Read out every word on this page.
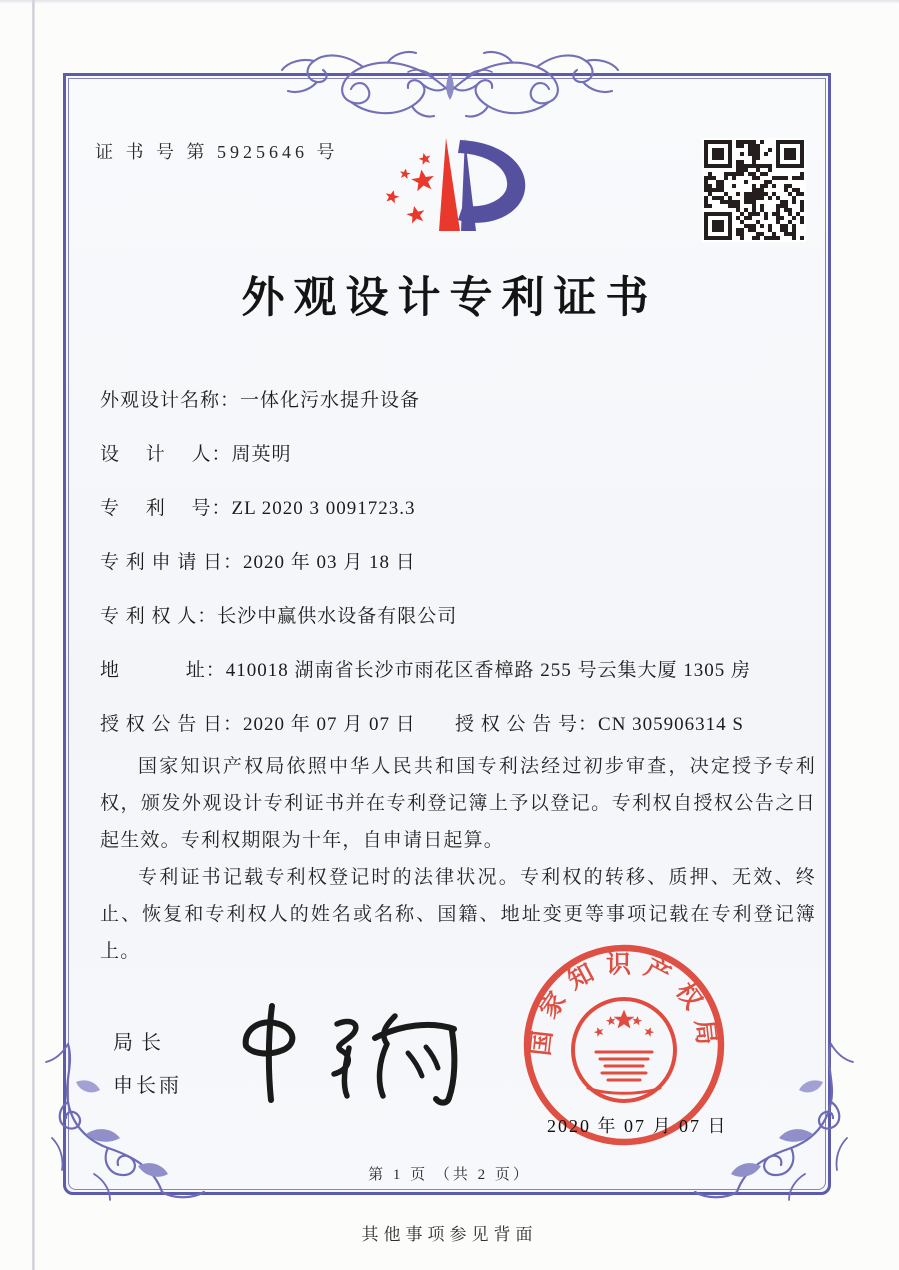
证 书 号 第 5925646 号
外观设计专利证书
外观设计名称：一体化污水提升设备
设　 计　 人：周英明
专　 利　 号：ZL 2020 3 0091723.3
专 利 申 请 日：2020 年 03 月 18 日
专 利 权 人：长沙中赢供水设备有限公司
地　　　 址：410018 湖南省长沙市雨花区香樟路 255 号云集大厦 1305 房
授 权 公 告 日：2020 年 07 月 07 日 授 权 公 告 号：CN 305906314 S

国家知识产权局依照中华人民共和国专利法经过初步审查，决定授予专利权，颁发外观设计专利证书并在专利登记簿上予以登记。专利权自授权公告之日起生效。专利权期限为十年，自申请日起算。

专利证书记载专利权登记时的法律状况。专利权的转移、质押、无效、终止、恢复和专利权人的姓名或名称、国籍、地址变更等事项记载在专利登记簿上。

局长
申长雨
国家知识产权局
2020 年 07 月 07 日
第 1 页 （共 2 页）
其他事项参见背面
